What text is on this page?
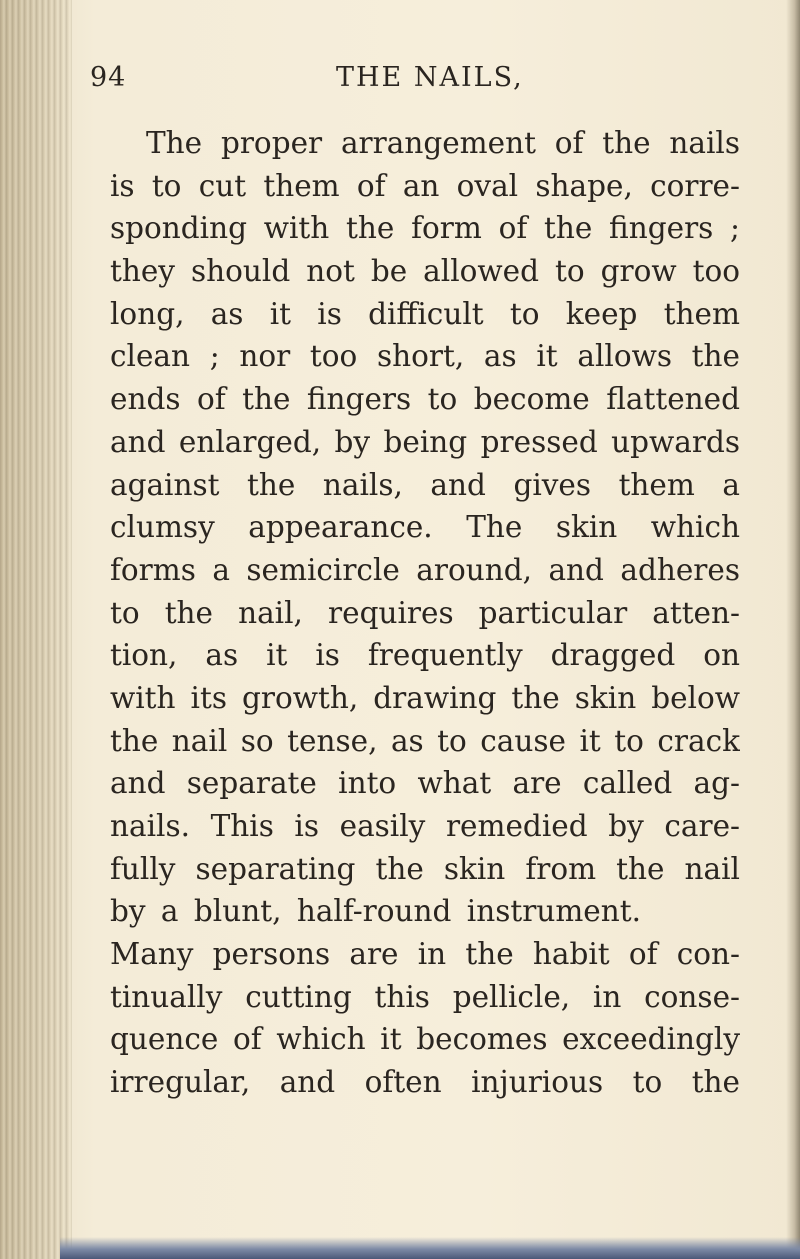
94	THE NAILS,
The proper arrangement of the nails
is to cut them of an oval shape, corre-
sponding with the form of the fingers ;
they should not be allowed to grow too
long, as it is difficult to keep them
clean ; nor too short, as it allows the
ends of the fingers to become flattened
and enlarged, by being pressed upwards
against the nails, and gives them a
clumsy appearance. The skin which
forms a semicircle around, and adheres
to the nail, requires particular atten-
tion, as it is frequently dragged on
with its growth, drawing the skin below
the nail so tense, as to cause it to crack
and separate into what are called ag-
nails. This is easily remedied by care-
fully separating the skin from the nail
by a blunt, half-round instrument.
Many persons are in the habit of con-
tinually cutting this pellicle, in conse-
quence of which it becomes exceedingly
irregular, and often injurious to the
